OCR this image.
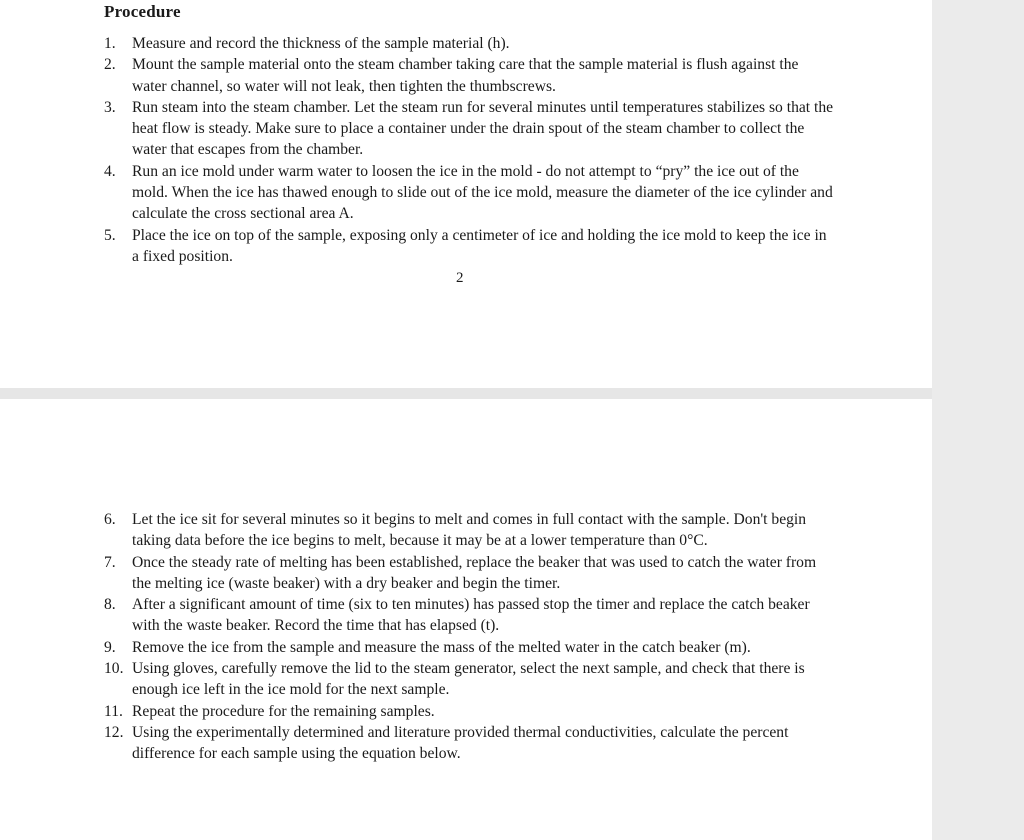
Procedure
1.	Measure and record the thickness of the sample material (h).
2.	Mount the sample material onto the steam chamber taking care that the sample material is flush against the water channel, so water will not leak, then tighten the thumbscrews.
3.	Run steam into the steam chamber. Let the steam run for several minutes until temperatures stabilizes so that the heat flow is steady. Make sure to place a container under the drain spout of the steam chamber to collect the water that escapes from the chamber.
4.	Run an ice mold under warm water to loosen the ice in the mold - do not attempt to “pry” the ice out of the mold. When the ice has thawed enough to slide out of the ice mold, measure the diameter of the ice cylinder and calculate the cross sectional area A.
5.	Place the ice on top of the sample, exposing only a centimeter of ice and holding the ice mold to keep the ice in a fixed position.
2
6.	Let the ice sit for several minutes so it begins to melt and comes in full contact with the sample. Don't begin taking data before the ice begins to melt, because it may be at a lower temperature than 0°C.
7.	Once the steady rate of melting has been established, replace the beaker that was used to catch the water from the melting ice (waste beaker) with a dry beaker and begin the timer.
8.	After a significant amount of time (six to ten minutes) has passed stop the timer and replace the catch beaker with the waste beaker. Record the time that has elapsed (t).
9.	Remove the ice from the sample and measure the mass of the melted water in the catch beaker (m).
10. Using gloves, carefully remove the lid to the steam generator, select the next sample, and check that there is enough ice left in the ice mold for the next sample.
11. Repeat the procedure for the remaining samples.
12. Using the experimentally determined and literature provided thermal conductivities, calculate the percent difference for each sample using the equation below.
